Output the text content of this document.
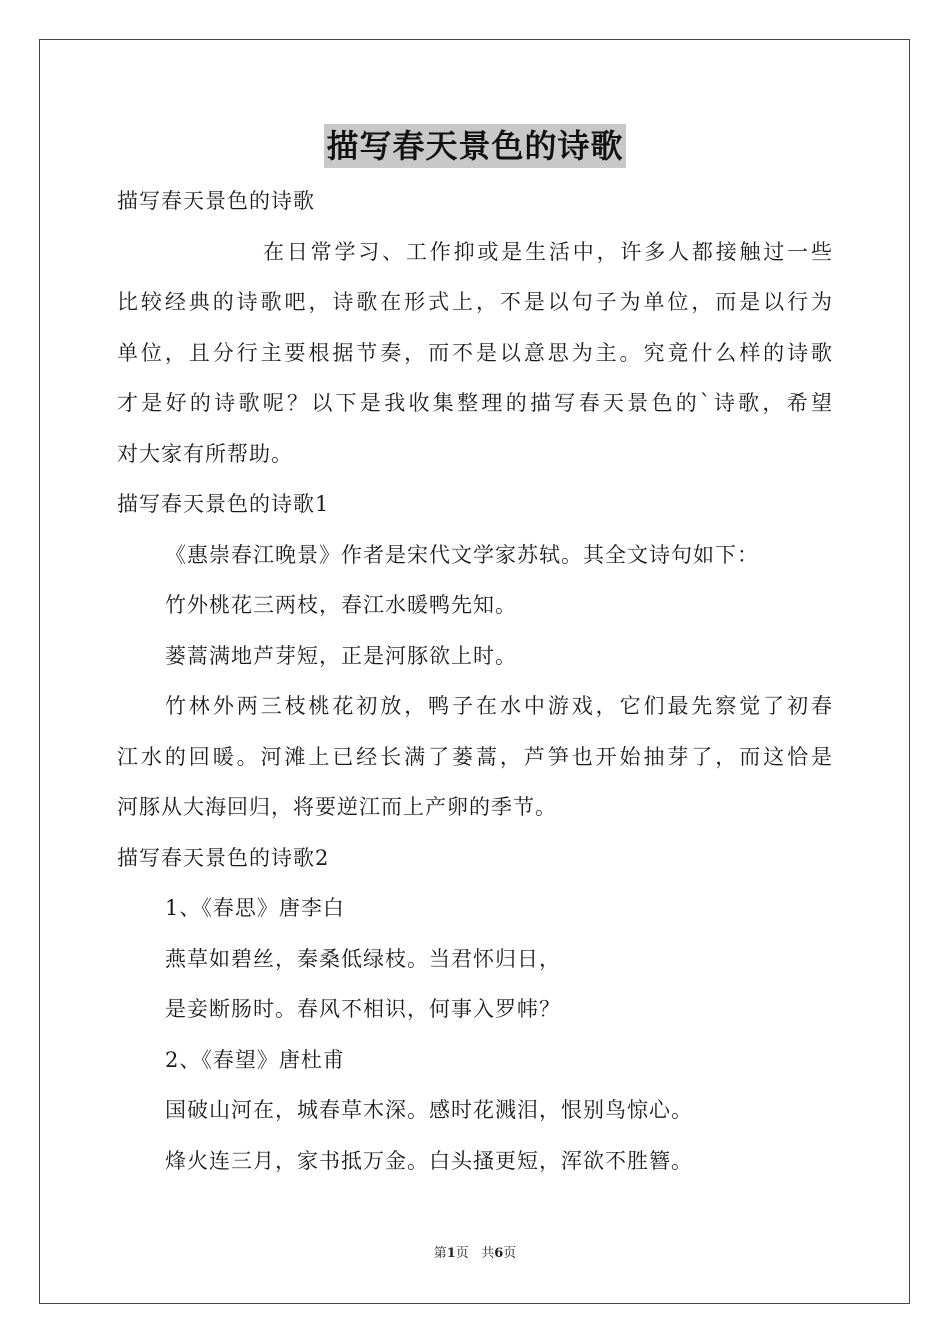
描写春天景色的诗歌
描写春天景色的诗歌
在日常学习、工作抑或是生活中，许多人都接触过一些
比较经典的诗歌吧，诗歌在形式上，不是以句子为单位，而是以行为
单位，且分行主要根据节奏，而不是以意思为主。究竟什么样的诗歌
才是好的诗歌呢？以下是我收集整理的描写春天景色的`诗歌，希望
对大家有所帮助。
描写春天景色的诗歌1
《惠崇春江晚景》作者是宋代文学家苏轼。其全文诗句如下：
竹外桃花三两枝，春江水暖鸭先知。
蒌蒿满地芦芽短，正是河豚欲上时。
竹林外两三枝桃花初放，鸭子在水中游戏，它们最先察觉了初春
江水的回暖。河滩上已经长满了蒌蒿，芦笋也开始抽芽了，而这恰是
河豚从大海回归，将要逆江而上产卵的季节。
描写春天景色的诗歌2
1、《春思》唐李白
燕草如碧丝，秦桑低绿枝。当君怀归日，
是妾断肠时。春风不相识，何事入罗帏？
2、《春望》唐杜甫
国破山河在，城春草木深。感时花溅泪，恨别鸟惊心。
烽火连三月，家书抵万金。白头搔更短，浑欲不胜簪。
第1页 共6页
